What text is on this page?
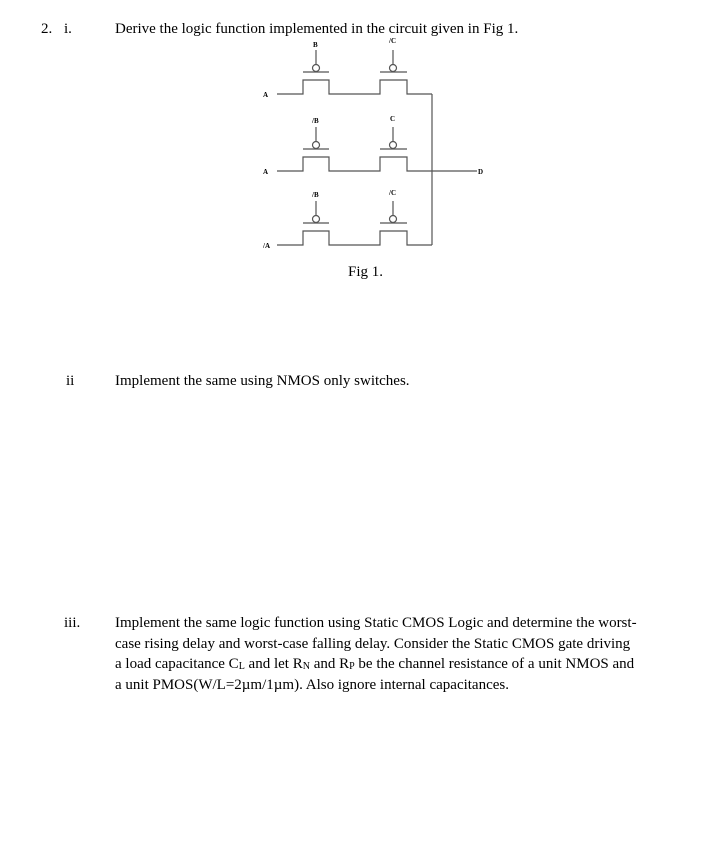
2. i.	Derive the logic function implemented in the circuit given in Fig 1.
A
B	/C
A
/B	C
/A
/B	/C
D
Fig 1.
ii	Implement the same using NMOS only switches.
iii. Implement the same logic function using Static CMOS Logic and determine the worst-
case rising delay and worst-case falling delay. Consider the Static CMOS gate driving
a load capacitance $C_L$ and let $R_N$ and $R_P$ be the channel resistance of a unit NMOS and
a unit PMOS(W/L=2µm/1µm). Also ignore internal capacitances.
